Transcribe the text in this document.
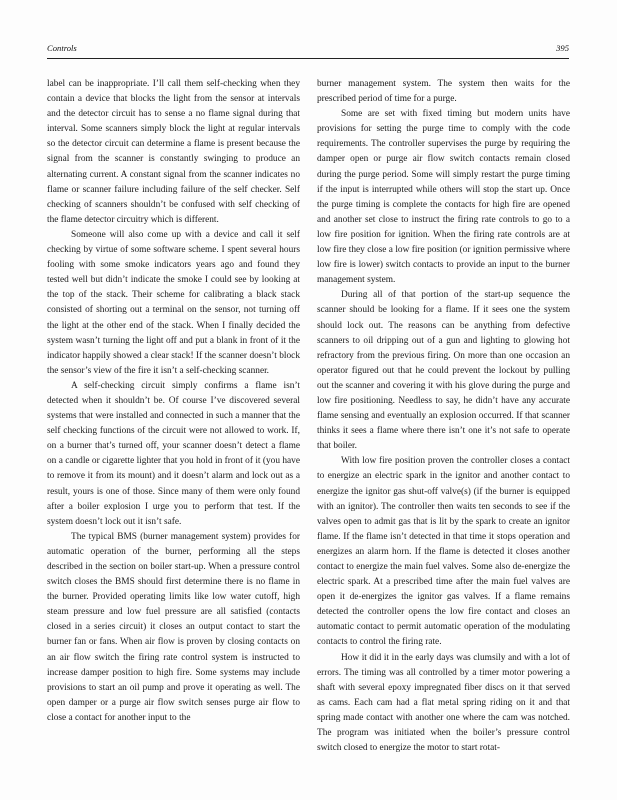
Controls	395

label can be inappropriate. I’ll call them self-checking when they contain a device that blocks the light from the sensor at intervals and the detector circuit has to sense a no flame signal during that interval. Some scanners simply block the light at regular intervals so the detector circuit can determine a flame is present because the signal from the scanner is constantly swinging to produce an alternating current. A constant signal from the scanner indicates no flame or scanner failure including failure of the self checker. Self checking of scanners shouldn’t be confused with self checking of the flame detector circuitry which is different.

Someone will also come up with a device and call it self checking by virtue of some software scheme. I spent several hours fooling with some smoke indicators years ago and found they tested well but didn’t indicate the smoke I could see by looking at the top of the stack. Their scheme for calibrating a black stack consisted of shorting out a terminal on the sensor, not turning off the light at the other end of the stack. When I finally decided the system wasn’t turning the light off and put a blank in front of it the indicator happily showed a clear stack! If the scanner doesn’t block the sensor’s view of the fire it isn’t a self-checking scanner.

A self-checking circuit simply confirms a flame isn’t detected when it shouldn’t be. Of course I’ve discovered several systems that were installed and connected in such a manner that the self checking functions of the circuit were not allowed to work. If, on a burner that’s turned off, your scanner doesn’t detect a flame on a candle or cigarette lighter that you hold in front of it (you have to remove it from its mount) and it doesn’t alarm and lock out as a result, yours is one of those. Since many of them were only found after a boiler explosion I urge you to perform that test. If the system doesn’t lock out it isn’t safe.

The typical BMS (burner management system) provides for automatic operation of the burner, performing all the steps described in the section on boiler start-up. When a pressure control switch closes the BMS should first determine there is no flame in the burner. Provided operating limits like low water cutoff, high steam pressure and low fuel pressure are all satisfied (contacts closed in a series circuit) it closes an output contact to start the burner fan or fans. When air flow is proven by closing contacts on an air flow switch the firing rate control system is instructed to increase damper position to high fire. Some systems may include provisions to start an oil pump and prove it operating as well. The open damper or a purge air flow switch senses purge air flow to close a contact for another input to the

burner management system. The system then waits for the prescribed period of time for a purge.

Some are set with fixed timing but modern units have provisions for setting the purge time to comply with the code requirements. The controller supervises the purge by requiring the damper open or purge air flow switch contacts remain closed during the purge period. Some will simply restart the purge timing if the input is interrupted while others will stop the start up. Once the purge timing is complete the contacts for high fire are opened and another set close to instruct the firing rate controls to go to a low fire position for ignition. When the firing rate controls are at low fire they close a low fire position (or ignition permissive where low fire is lower) switch contacts to provide an input to the burner management system.

During all of that portion of the start-up sequence the scanner should be looking for a flame. If it sees one the system should lock out. The reasons can be anything from defective scanners to oil dripping out of a gun and lighting to glowing hot refractory from the previous firing. On more than one occasion an operator figured out that he could prevent the lockout by pulling out the scanner and covering it with his glove during the purge and low fire positioning. Needless to say, he didn’t have any accurate flame sensing and eventually an explosion occurred. If that scanner thinks it sees a flame where there isn’t one it’s not safe to operate that boiler.

With low fire position proven the controller closes a contact to energize an electric spark in the ignitor and another contact to energize the ignitor gas shut-off valve(s) (if the burner is equipped with an ignitor). The controller then waits ten seconds to see if the valves open to admit gas that is lit by the spark to create an ignitor flame. If the flame isn’t detected in that time it stops operation and energizes an alarm horn. If the flame is detected it closes another contact to energize the main fuel valves. Some also de-energize the electric spark. At a prescribed time after the main fuel valves are open it de-energizes the ignitor gas valves. If a flame remains detected the controller opens the low fire contact and closes an automatic contact to permit automatic operation of the modulating contacts to control the firing rate.

How it did it in the early days was clumsily and with a lot of errors. The timing was all controlled by a timer motor powering a shaft with several epoxy impregnated fiber discs on it that served as cams. Each cam had a flat metal spring riding on it and that spring made contact with another one where the cam was notched. The program was initiated when the boiler’s pressure control switch closed to energize the motor to start rotat-
